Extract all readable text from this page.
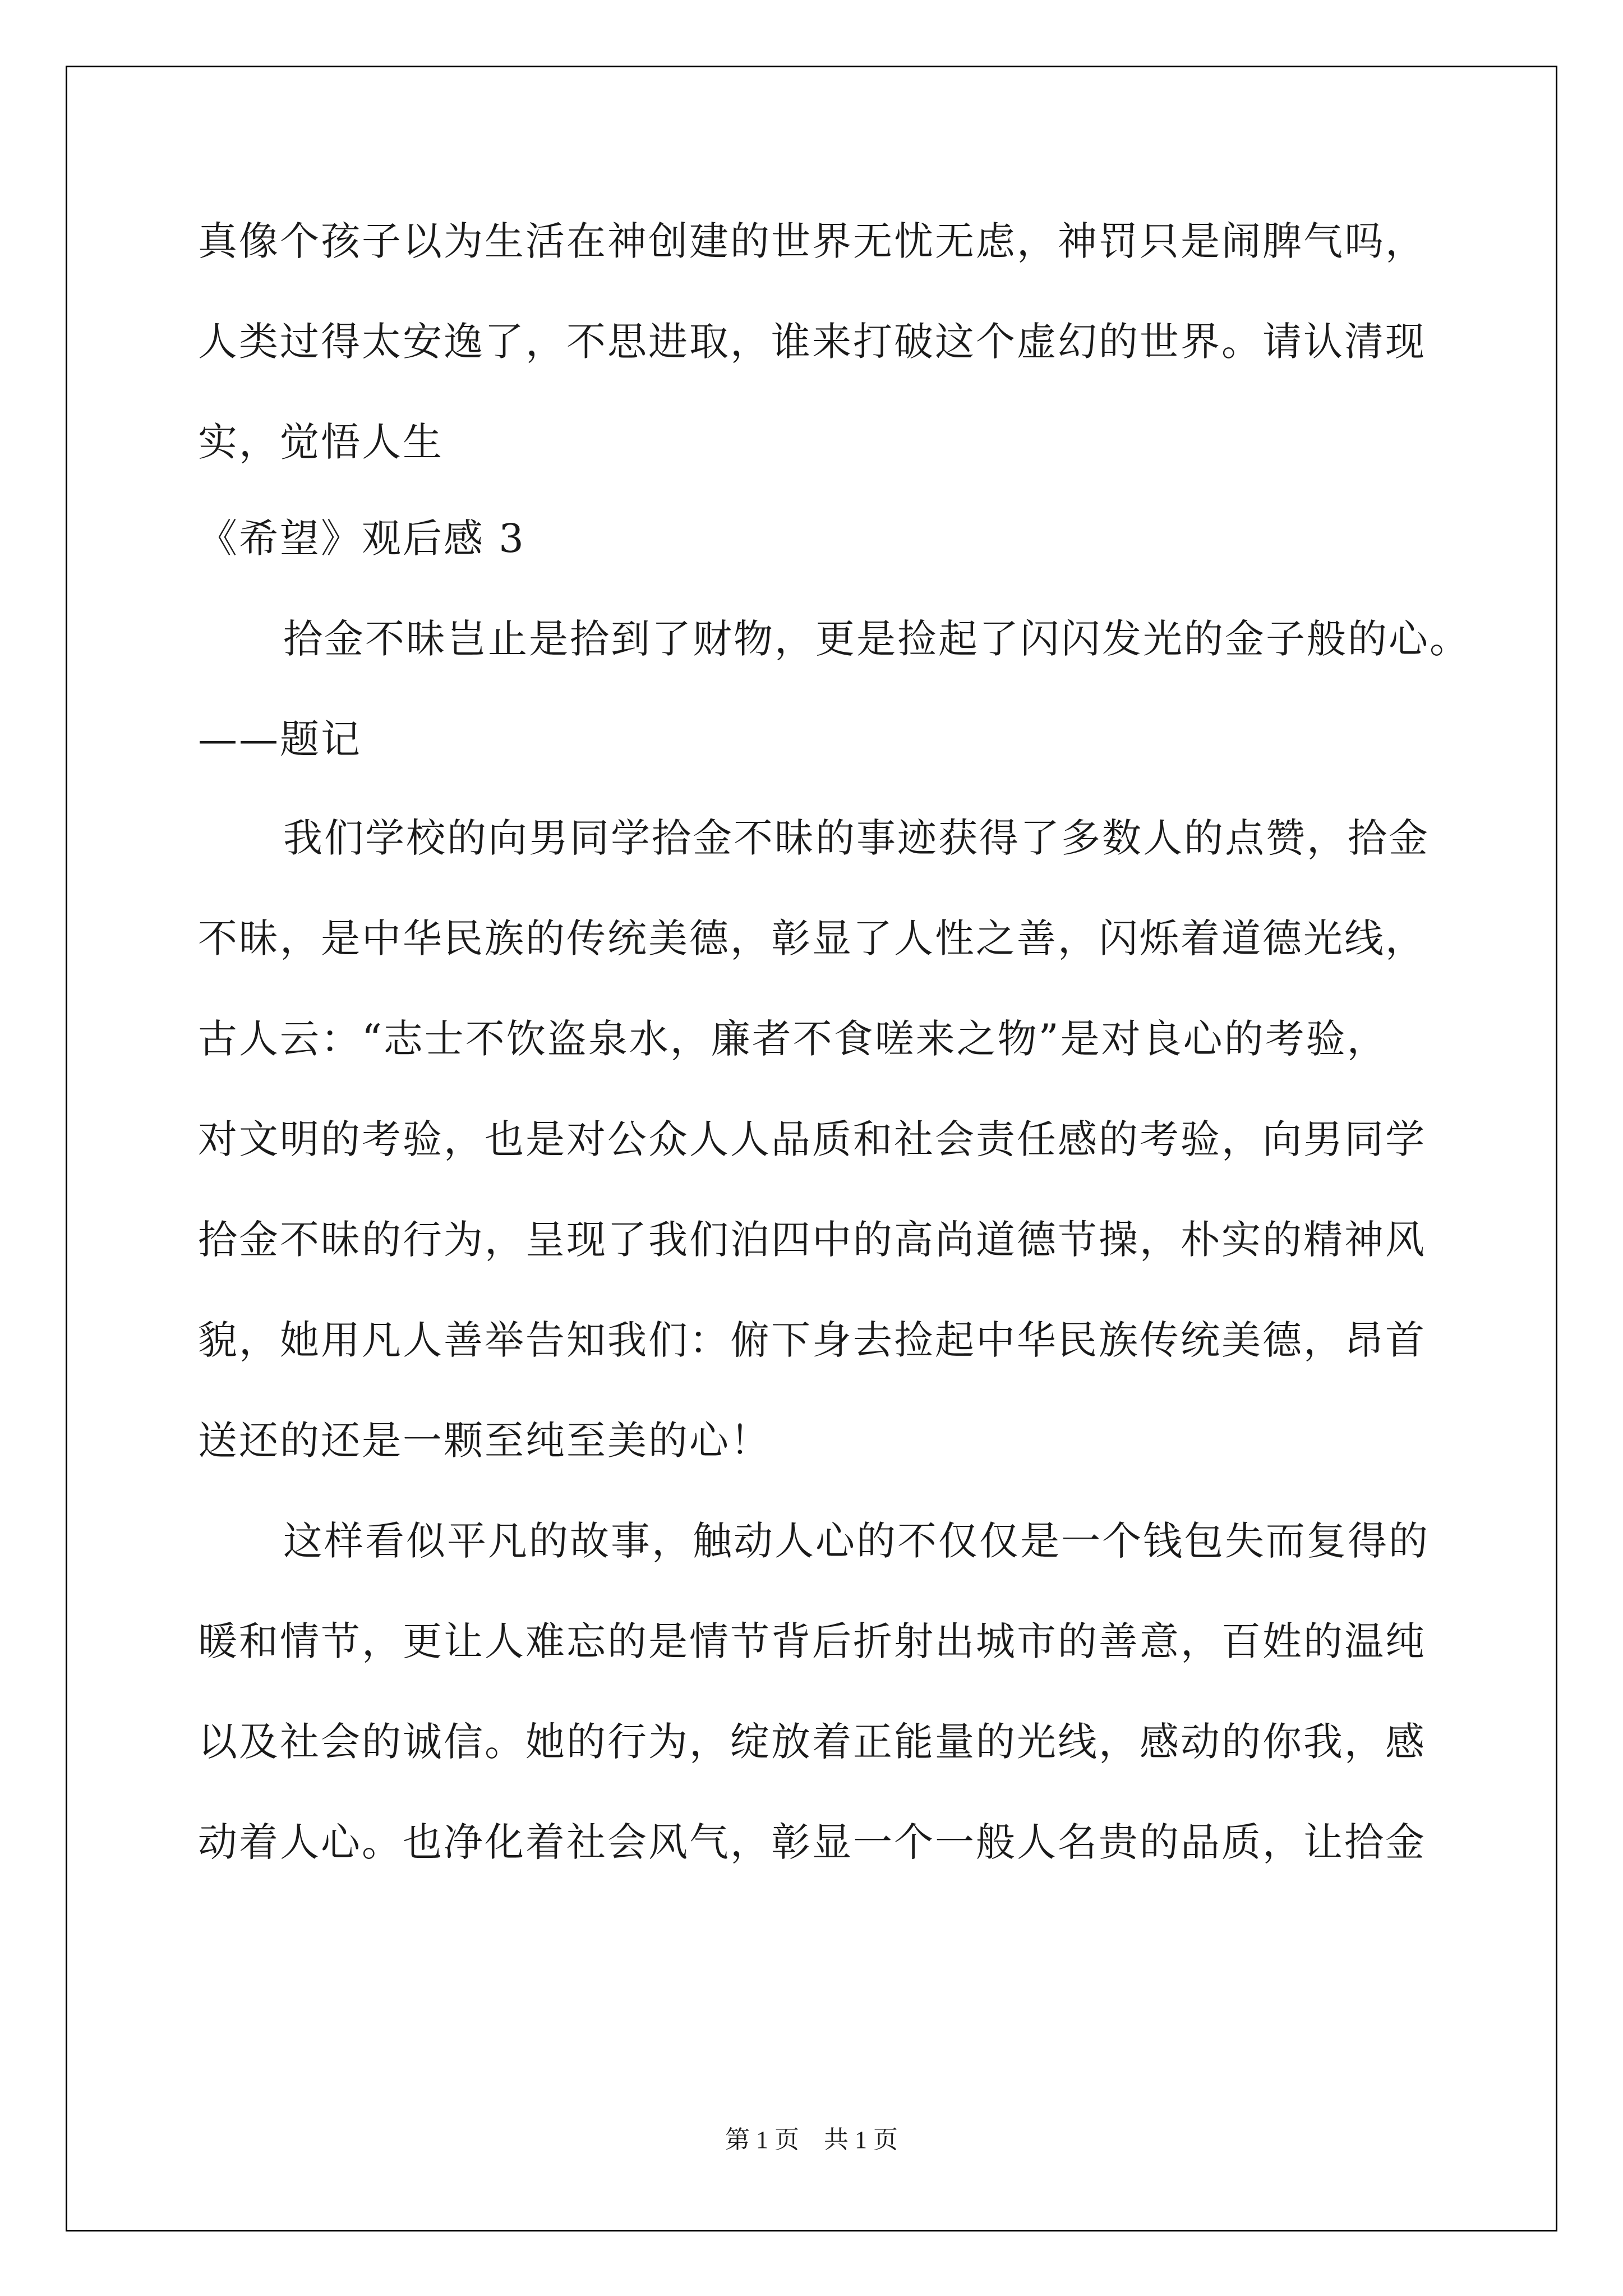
真像个孩子以为生活在神创建的世界无忧无虑，神罚只是闹脾气吗，
人类过得太安逸了，不思进取，谁来打破这个虚幻的世界。请认清现
实，觉悟人生
《希望》观后感 3
拾金不昧岂止是拾到了财物，更是捡起了闪闪发光的金子般的心。
——题记
我们学校的向男同学拾金不昧的事迹获得了多数人的点赞，拾金
不昧，是中华民族的传统美德，彰显了人性之善，闪烁着道德光线，
古人云：“志士不饮盗泉水，廉者不食嗟来之物”是对良心的考验，
对文明的考验，也是对公众人人品质和社会责任感的考验，向男同学
拾金不昧的行为，呈现了我们泊四中的高尚道德节操，朴实的精神风
貌，她用凡人善举告知我们：俯下身去捡起中华民族传统美德，昂首
送还的还是一颗至纯至美的心！
这样看似平凡的故事，触动人心的不仅仅是一个钱包失而复得的
暖和情节，更让人难忘的是情节背后折射出城市的善意，百姓的温纯
以及社会的诚信。她的行为，绽放着正能量的光线，感动的你我，感
动着人心。也净化着社会风气，彰显一个一般人名贵的品质，让拾金
第 1 页    共 1 页
